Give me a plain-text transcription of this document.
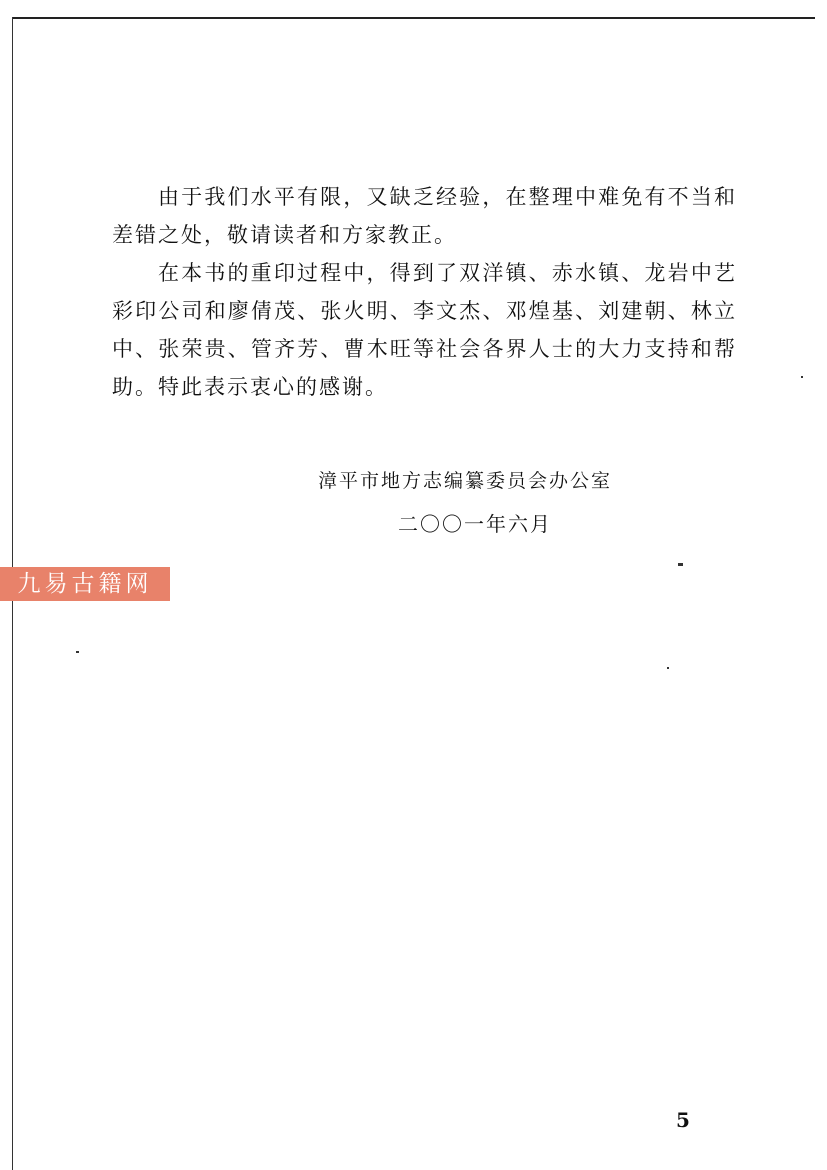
由于我们水平有限，又缺乏经验，在整理中难免有不当和差错之处，敬请读者和方家教正。

在本书的重印过程中，得到了双洋镇、赤水镇、龙岩中艺彩印公司和廖倩茂、张火明、李文杰、邓煌基、刘建朝、林立中、张荣贵、管齐芳、曹木旺等社会各界人士的大力支持和帮助。特此表示衷心的感谢。

漳平市地方志编纂委员会办公室
二〇〇一年六月
九易古籍网
5
